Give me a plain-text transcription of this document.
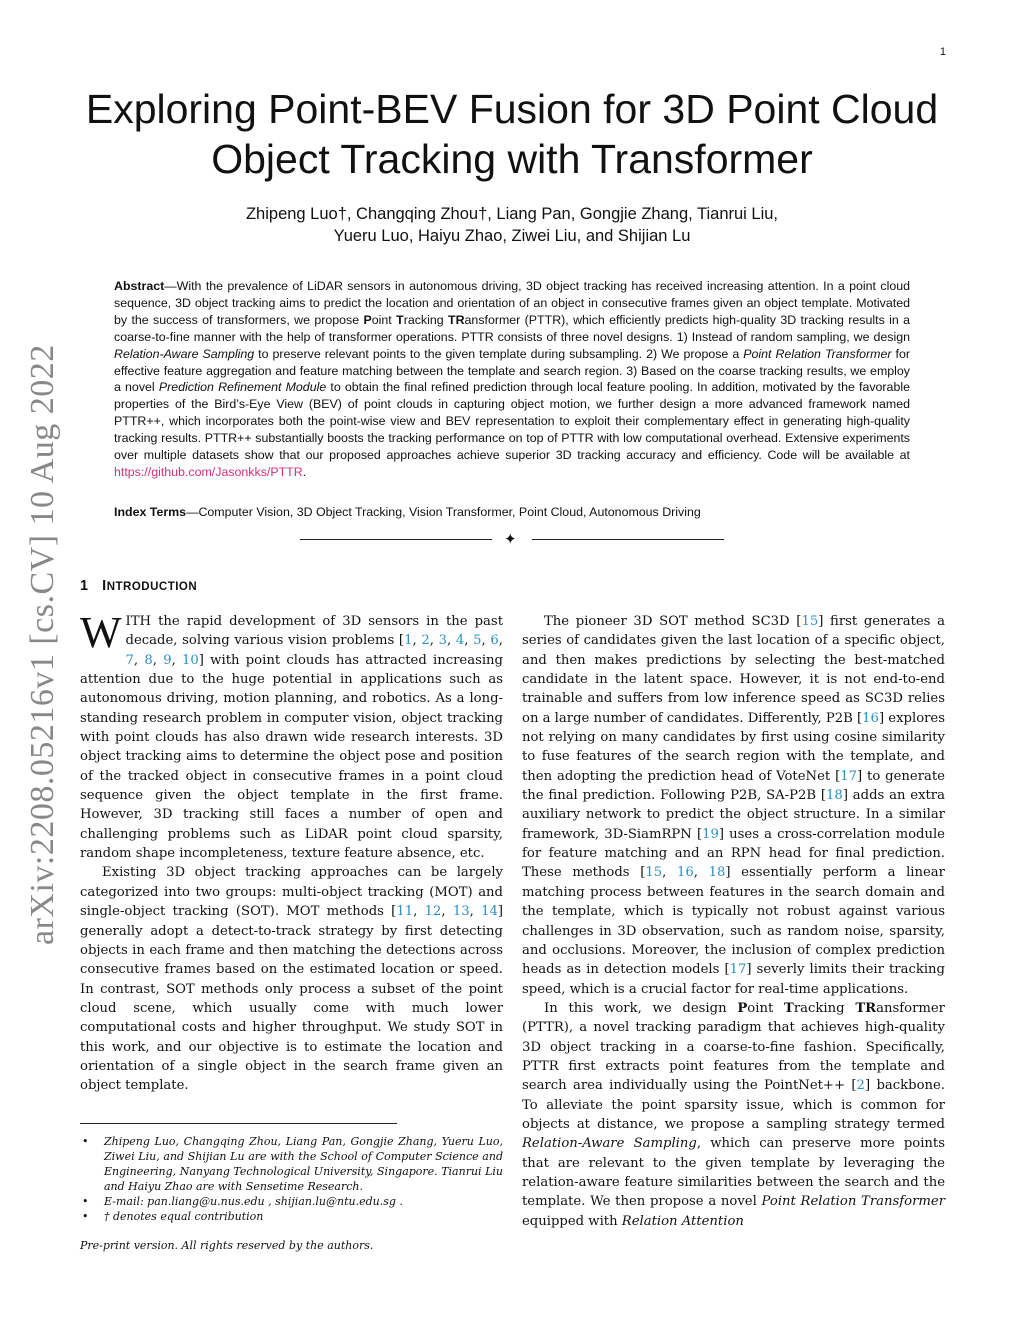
1
arXiv:2208.05216v1 [cs.CV] 10 Aug 2022
Exploring Point-BEV Fusion for 3D Point Cloud
Object Tracking with Transformer
Zhipeng Luo†, Changqing Zhou†, Liang Pan, Gongjie Zhang, Tianrui Liu,
Yueru Luo, Haiyu Zhao, Ziwei Liu, and Shijian Lu
Abstract—With the prevalence of LiDAR sensors in autonomous driving, 3D object tracking has received increasing attention. In a point cloud sequence, 3D object tracking aims to predict the location and orientation of an object in consecutive frames given an object template. Motivated by the success of transformers, we propose Point Tracking TRansformer (PTTR), which efficiently predicts high-quality 3D tracking results in a coarse-to-fine manner with the help of transformer operations. PTTR consists of three novel designs. 1) Instead of random sampling, we design Relation-Aware Sampling to preserve relevant points to the given template during subsampling. 2) We propose a Point Relation Transformer for effective feature aggregation and feature matching between the template and search region. 3) Based on the coarse tracking results, we employ a novel Prediction Refinement Module to obtain the final refined prediction through local feature pooling. In addition, motivated by the favorable properties of the Bird’s-Eye View (BEV) of point clouds in capturing object motion, we further design a more advanced framework named PTTR++, which incorporates both the point-wise view and BEV representation to exploit their complementary effect in generating high-quality tracking results. PTTR++ substantially boosts the tracking performance on top of PTTR with low computational overhead. Extensive experiments over multiple datasets show that our proposed approaches achieve superior 3D tracking accuracy and efficiency. Code will be available at https://github.com/Jasonkks/PTTR.
Index Terms—Computer Vision, 3D Object Tracking, Vision Transformer, Point Cloud, Autonomous Driving
✦
1 INTRODUCTION

WITH the rapid development of 3D sensors in the past decade, solving various vision problems [1, 2, 3, 4, 5, 6, 7, 8, 9, 10] with point clouds has attracted increasing attention due to the huge potential in applications such as autonomous driving, motion planning, and robotics. As a long-standing research problem in computer vision, object tracking with point clouds has also drawn wide research interests. 3D object tracking aims to determine the object pose and position of the tracked object in consecutive frames in a point cloud sequence given the object template in the first frame. However, 3D tracking still faces a number of open and challenging problems such as LiDAR point cloud sparsity, random shape incompleteness, texture feature absence, etc.

Existing 3D object tracking approaches can be largely categorized into two groups: multi-object tracking (MOT) and single-object tracking (SOT). MOT methods [11, 12, 13, 14] generally adopt a detect-to-track strategy by first detecting objects in each frame and then matching the detections across consecutive frames based on the estimated location or speed. In contrast, SOT methods only process a subset of the point cloud scene, which usually come with much lower computational costs and higher throughput. We study SOT in this work, and our objective is to estimate the location and orientation of a single object in the search frame given an object template.

• Zhipeng Luo, Changqing Zhou, Liang Pan, Gongjie Zhang, Yueru Luo, Ziwei Liu, and Shijian Lu are with the School of Computer Science and Engineering, Nanyang Technological University, Singapore. Tianrui Liu and Haiyu Zhao are with Sensetime Research.
• E-mail: pan.liang@u.nus.edu , shijian.lu@ntu.edu.sg .
• † denotes equal contribution
Pre-print version. All rights reserved by the authors.

The pioneer 3D SOT method SC3D [15] first generates a series of candidates given the last location of a specific object, and then makes predictions by selecting the best-matched candidate in the latent space. However, it is not end-to-end trainable and suffers from low inference speed as SC3D relies on a large number of candidates. Differently, P2B [16] explores not relying on many candidates by first using cosine similarity to fuse features of the search region with the template, and then adopting the prediction head of VoteNet [17] to generate the final prediction. Following P2B, SA-P2B [18] adds an extra auxiliary network to predict the object structure. In a similar framework, 3D-SiamRPN [19] uses a cross-correlation module for feature matching and an RPN head for final prediction. These methods [15, 16, 18] essentially perform a linear matching process between features in the search domain and the template, which is typically not robust against various challenges in 3D observation, such as random noise, sparsity, and occlusions. Moreover, the inclusion of complex prediction heads as in detection models [17] severly limits their tracking speed, which is a crucial factor for real-time applications.

In this work, we design Point Tracking TRansformer (PTTR), a novel tracking paradigm that achieves high-quality 3D object tracking in a coarse-to-fine fashion. Specifically, PTTR first extracts point features from the template and search area individually using the PointNet++ [2] backbone. To alleviate the point sparsity issue, which is common for objects at distance, we propose a sampling strategy termed Relation-Aware Sampling, which can preserve more points that are relevant to the given template by leveraging the relation-aware feature similarities between the search and the template. We then propose a novel Point Relation Transformer equipped with Relation Attention
